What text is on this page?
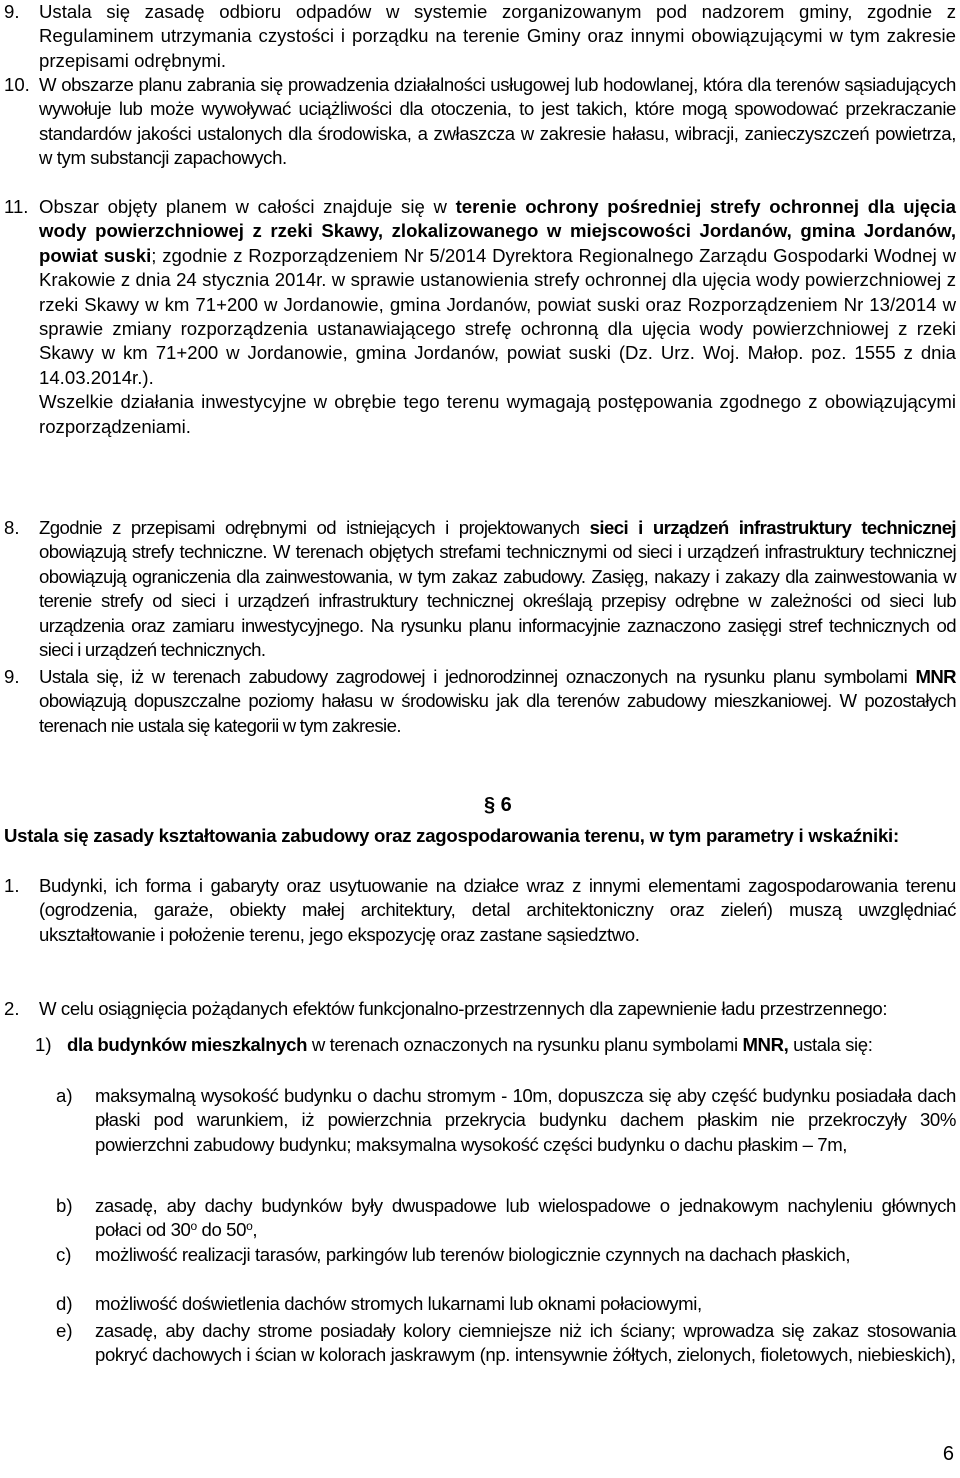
9. Ustala się zasadę odbioru odpadów w systemie zorganizowanym pod nadzorem gminy, zgodnie z Regulaminem utrzymania czystości i porządku na terenie Gminy oraz innymi obowiązującymi w tym zakresie przepisami odrębnymi.
10. W obszarze planu zabrania się prowadzenia działalności usługowej lub hodowlanej, która dla terenów sąsiadujących wywołuje lub może wywoływać uciążliwości dla otoczenia, to jest takich, które mogą spowodować przekraczanie standardów jakości ustalonych dla środowiska, a zwłaszcza w zakresie hałasu, wibracji, zanieczyszczeń powietrza, w tym substancji zapachowych.
11. Obszar objęty planem w całości znajduje się w terenie ochrony pośredniej strefy ochronnej dla ujęcia wody powierzchniowej z rzeki Skawy, zlokalizowanego w miejscowości Jordanów, gmina Jordanów, powiat suski; zgodnie z Rozporządzeniem Nr 5/2014 Dyrektora Regionalnego Zarządu Gospodarki Wodnej w Krakowie z dnia 24 stycznia 2014r. w sprawie ustanowienia strefy ochronnej dla ujęcia wody powierzchniowej z rzeki Skawy w km 71+200 w Jordanowie, gmina Jordanów, powiat suski oraz Rozporządzeniem Nr 13/2014 w sprawie zmiany rozporządzenia ustanawiającego strefę ochronną dla ujęcia wody powierzchniowej z rzeki Skawy w km 71+200 w Jordanowie, gmina Jordanów, powiat suski (Dz. Urz. Woj. Małop. poz. 1555 z dnia 14.03.2014r.).
Wszelkie działania inwestycyjne w obrębie tego terenu wymagają postępowania zgodnego z obowiązującymi rozporządzeniami.
8. Zgodnie z przepisami odrębnymi od istniejących i projektowanych sieci i urządzeń infrastruktury technicznej obowiązują strefy techniczne. W terenach objętych strefami technicznymi od sieci i urządzeń infrastruktury technicznej obowiązują ograniczenia dla zainwestowania, w tym zakaz zabudowy. Zasięg, nakazy i zakazy dla zainwestowania w terenie strefy od sieci i urządzeń infrastruktury technicznej określają przepisy odrębne w zależności od sieci lub urządzenia oraz zamiaru inwestycyjnego. Na rysunku planu informacyjnie zaznaczono zasięgi stref technicznych od sieci i urządzeń technicznych.
9. Ustala się, iż w terenach zabudowy zagrodowej i jednorodzinnej oznaczonych na rysunku planu symbolami MNR obowiązują dopuszczalne poziomy hałasu w środowisku jak dla terenów zabudowy mieszkaniowej. W pozostałych terenach nie ustala się kategorii w tym zakresie.
§ 6
Ustala się zasady kształtowania zabudowy oraz zagospodarowania terenu, w tym parametry i wskaźniki:
1. Budynki, ich forma i gabaryty oraz usytuowanie na działce wraz z innymi elementami zagospodarowania terenu (ogrodzenia, garaże, obiekty małej architektury, detal architektoniczny oraz zieleń) muszą uwzględniać ukształtowanie i położenie terenu, jego ekspozycję oraz zastane sąsiedztwo.
2. W celu osiągnięcia pożądanych efektów funkcjonalno-przestrzennych dla zapewnienie ładu przestrzennego:
1) dla budynków mieszkalnych w terenach oznaczonych na rysunku planu symbolami MNR, ustala się:
a) maksymalną wysokość budynku o dachu stromym - 10m, dopuszcza się aby część budynku posiadała dach płaski pod warunkiem, iż powierzchnia przekrycia budynku dachem płaskim nie przekroczyły 30% powierzchni zabudowy budynku; maksymalna wysokość części budynku o dachu płaskim – 7m,
b) zasadę, aby dachy budynków były dwuspadowe lub wielospadowe o jednakowym nachyleniu głównych połaci od 30$^o$ do 50$^o$,
c) możliwość realizacji tarasów, parkingów lub terenów biologicznie czynnych na dachach płaskich,
d) możliwość doświetlenia dachów stromych lukarnami lub oknami połaciowymi,
e) zasadę, aby dachy strome posiadały kolory ciemniejsze niż ich ściany; wprowadza się zakaz stosowania pokryć dachowych i ścian w kolorach jaskrawym (np. intensywnie żółtych, zielonych, fioletowych, niebieskich),
6
